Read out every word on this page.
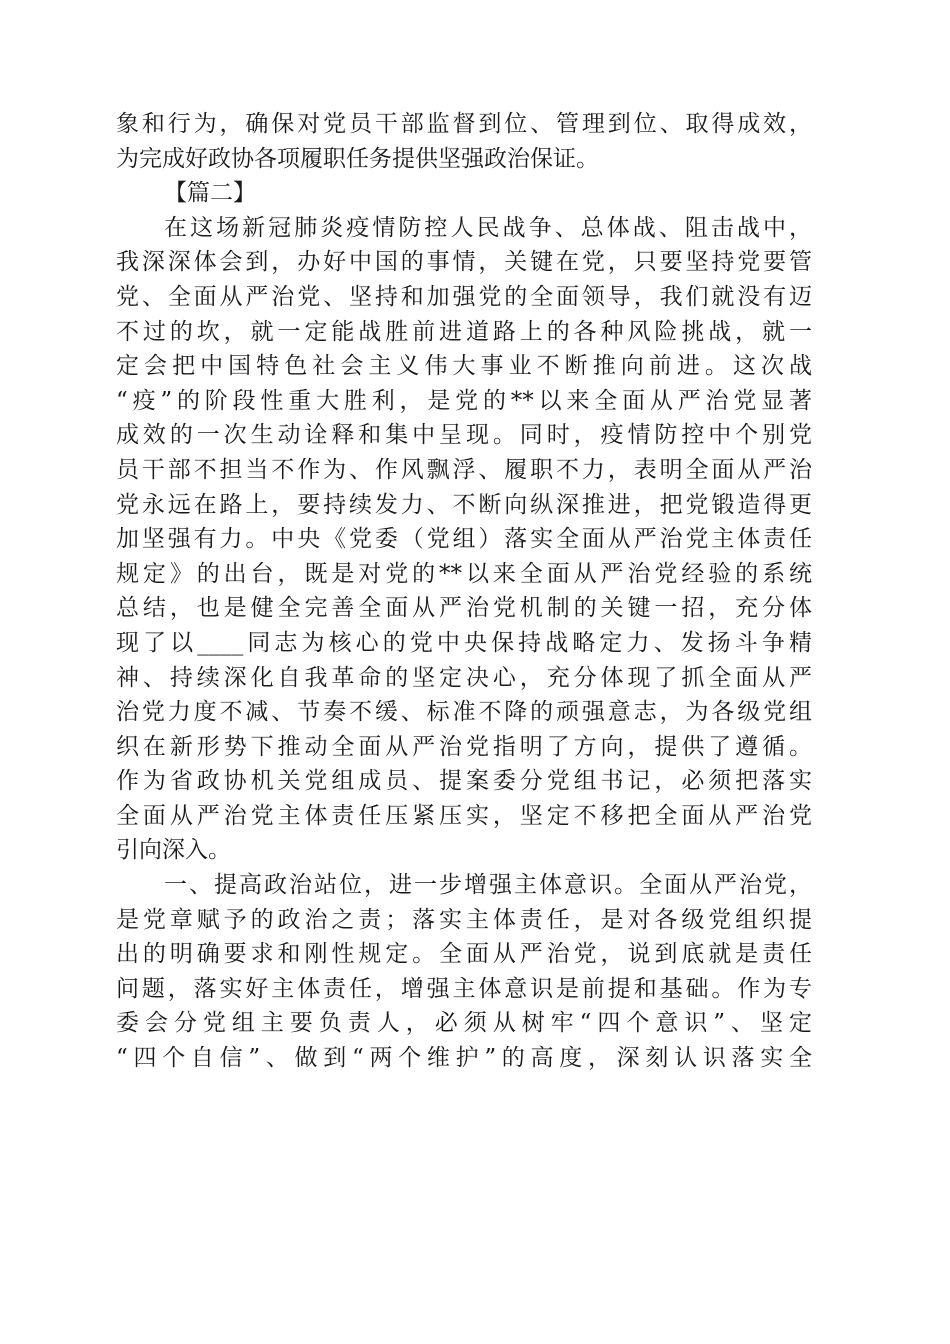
象和行为，确保对党员干部监督到位、管理到位、取得成效，
为完成好政协各项履职任务提供坚强政治保证。
【篇二】
在这场新冠肺炎疫情防控人民战争、总体战、阻击战中，
我深深体会到，办好中国的事情，关键在党，只要坚持党要管
党、全面从严治党、坚持和加强党的全面领导，我们就没有迈
不过的坎，就一定能战胜前进道路上的各种风险挑战，就一
定会把中国特色社会主义伟大事业不断推向前进。这次战
“疫”的阶段性重大胜利，是党的**以来全面从严治党显著
成效的一次生动诠释和集中呈现。同时，疫情防控中个别党
员干部不担当不作为、作风飘浮、履职不力，表明全面从严治
党永远在路上，要持续发力、不断向纵深推进，把党锻造得更
加坚强有力。中央《党委（党组）落实全面从严治党主体责任
规定》的出台，既是对党的**以来全面从严治党经验的系统
总结，也是健全完善全面从严治党机制的关键一招，充分体
现了以____同志为核心的党中央保持战略定力、发扬斗争精
神、持续深化自我革命的坚定决心，充分体现了抓全面从严
治党力度不减、节奏不缓、标准不降的顽强意志，为各级党组
织在新形势下推动全面从严治党指明了方向，提供了遵循。
作为省政协机关党组成员、提案委分党组书记，必须把落实
全面从严治党主体责任压紧压实，坚定不移把全面从严治党
引向深入。
一、提高政治站位，进一步增强主体意识。全面从严治党，
是党章赋予的政治之责；落实主体责任，是对各级党组织提
出的明确要求和刚性规定。全面从严治党，说到底就是责任
问题，落实好主体责任，增强主体意识是前提和基础。作为专
委会分党组主要负责人，必须从树牢“四个意识”、坚定
“四个自信”、做到“两个维护”的高度，深刻认识落实全
